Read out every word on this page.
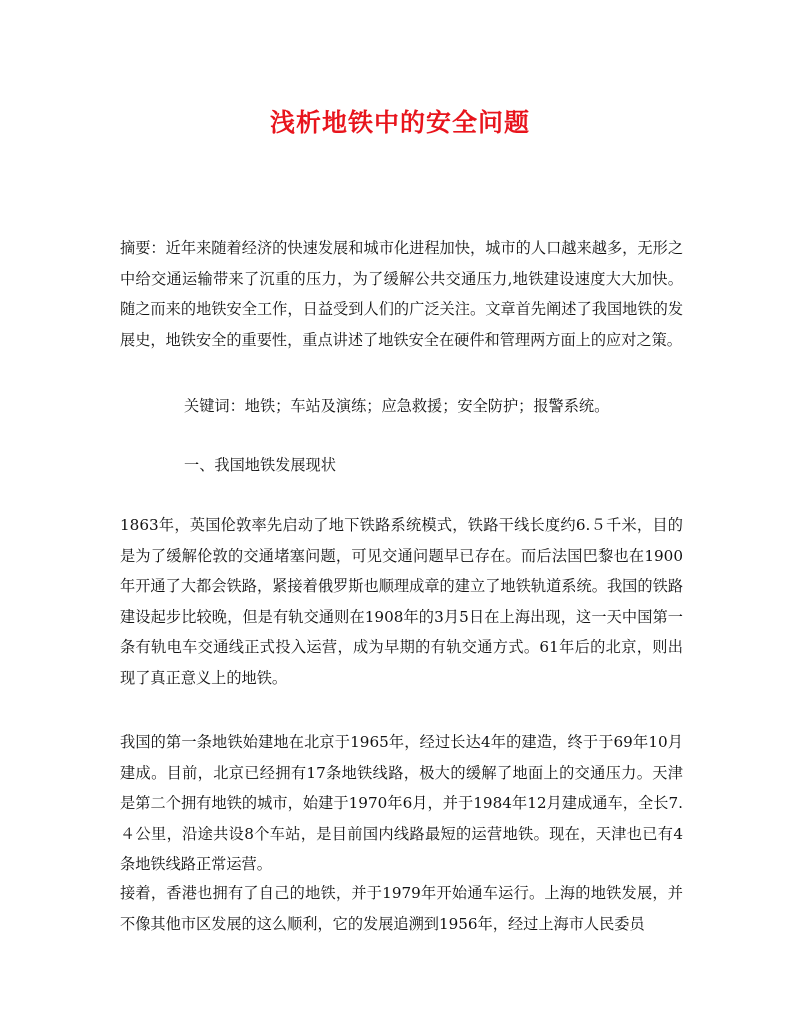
浅析地铁中的安全问题

摘要：近年来随着经济的快速发展和城市化进程加快，城市的人口越来越多，无形之中给交通运输带来了沉重的压力，为了缓解公共交通压力,地铁建设速度大大加快。随之而来的地铁安全工作，日益受到人们的广泛关注。文章首先阐述了我国地铁的发展史，地铁安全的重要性，重点讲述了地铁安全在硬件和管理两方面上的应对之策。

关键词：地铁；车站及演练；应急救援；安全防护；报警系统。

一、我国地铁发展现状

1863年，英国伦敦率先启动了地下铁路系统模式，铁路干线长度约6.５千米，目的是为了缓解伦敦的交通堵塞问题，可见交通问题早已存在。而后法国巴黎也在1900年开通了大都会铁路，紧接着俄罗斯也顺理成章的建立了地铁轨道系统。我国的铁路建设起步比较晚，但是有轨交通则在1908年的3月5日在上海出现，这一天中国第一条有轨电车交通线正式投入运营，成为早期的有轨交通方式。61年后的北京，则出现了真正意义上的地铁。

我国的第一条地铁始建地在北京于1965年，经过长达4年的建造，终于于69年10月建成。目前，北京已经拥有17条地铁线路，极大的缓解了地面上的交通压力。天津是第二个拥有地铁的城市，始建于1970年6月，并于1984年12月建成通车，全长7.４公里，沿途共设8个车站，是目前国内线路最短的运营地铁。现在，天津也已有4条地铁线路正常运营。

接着，香港也拥有了自己的地铁，并于1979年开始通车运行。上海的地铁发展，并不像其他市区发展的这么顺利，它的发展追溯到1956年，经过上海市人民委员
